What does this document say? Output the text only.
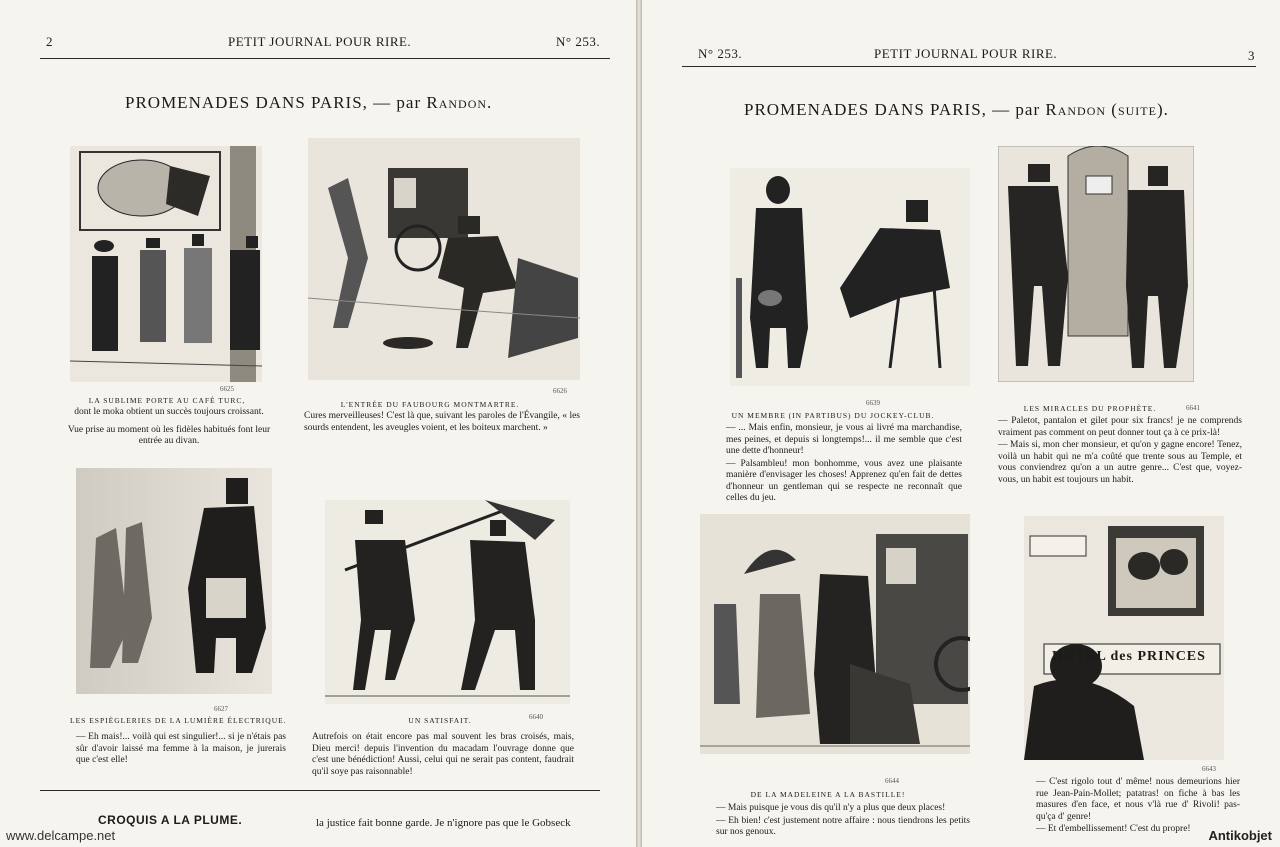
2	PETIT JOURNAL POUR RIRE.	N° 253.
PROMENADES DANS PARIS, — par Randon.
6625
LA SUBLIME PORTE AU CAFÉ TURC,

dont le moka obtient un succès toujours croissant.

Vue prise au moment où les fidèles habitués font leur entrée au divan.

6626
L'ENTRÉE DU FAUBOURG MONTMARTRE.

Cures merveilleuses! C'est là que, suivant les paroles de l'Évangile, « les sourds entendent, les aveugles voient, et les boiteux marchent. »

6627
LES ESPIÈGLERIES DE LA LUMIÈRE ÉLECTRIQUE.

— Eh mais!... voilà qui est singulier!... si je n'étais pas sûr d'avoir laissé ma femme à la maison, je jurerais que c'est elle!

6640
UN SATISFAIT.

Autrefois on était encore pas mal souvent les bras croisés, mais, Dieu merci! depuis l'invention du macadam l'ouvrage donne que c'est une bénédiction! Aussi, celui qui ne serait pas content, faudrait qu'il soye pas raisonnable!

CROQUIS A LA PLUME.	la justice fait bonne garde. Je n'ignore pas que le Gobseck
N° 253.	PETIT JOURNAL POUR RIRE.	3
PROMENADES DANS PARIS, — par Randon (suite).
6639
UN MEMBRE (IN PARTIBUS) DU JOCKEY-CLUB.

— ... Mais enfin, monsieur, je vous ai livré ma marchandise, mes peines, et depuis si longtemps!... il me semble que c'est une dette d'honneur!

— Palsambleu! mon bonhomme, vous avez une plaisante manière d'envisager les choses! Apprenez qu'en fait de dettes d'honneur un gentleman qui se respecte ne reconnaît que celles du jeu.

6641
LES MIRACLES DU PROPHÈTE.

— Paletot, pantalon et gilet pour six francs! je ne comprends vraiment pas comment on peut donner tout ça à ce prix-là!

— Mais si, mon cher monsieur, et qu'on y gagne encore! Tenez, voilà un habit qui ne m'a coûté que trente sous au Temple, et vous conviendrez qu'on a un autre genre... C'est que, voyez-vous, un habit est toujours un habit.

6644
DE LA MADELEINE A LA BASTILLE!

— Mais puisque je vous dis qu'il n'y a plus que deux places!

— Eh bien! c'est justement notre affaire : nous tiendrons les petits sur nos genoux.

HOTEL des PRINCES
6643

— C'est rigolo tout d' même! nous demeurions hier rue Jean-Pain-Mollet; patatras! on fiche à bas les masures d'en face, et nous v'là rue d' Rivoli! pas-qu'ça d' genre!

— Et d'embellissement! C'est du propre!

www.delcampe.net	Antikobjet
